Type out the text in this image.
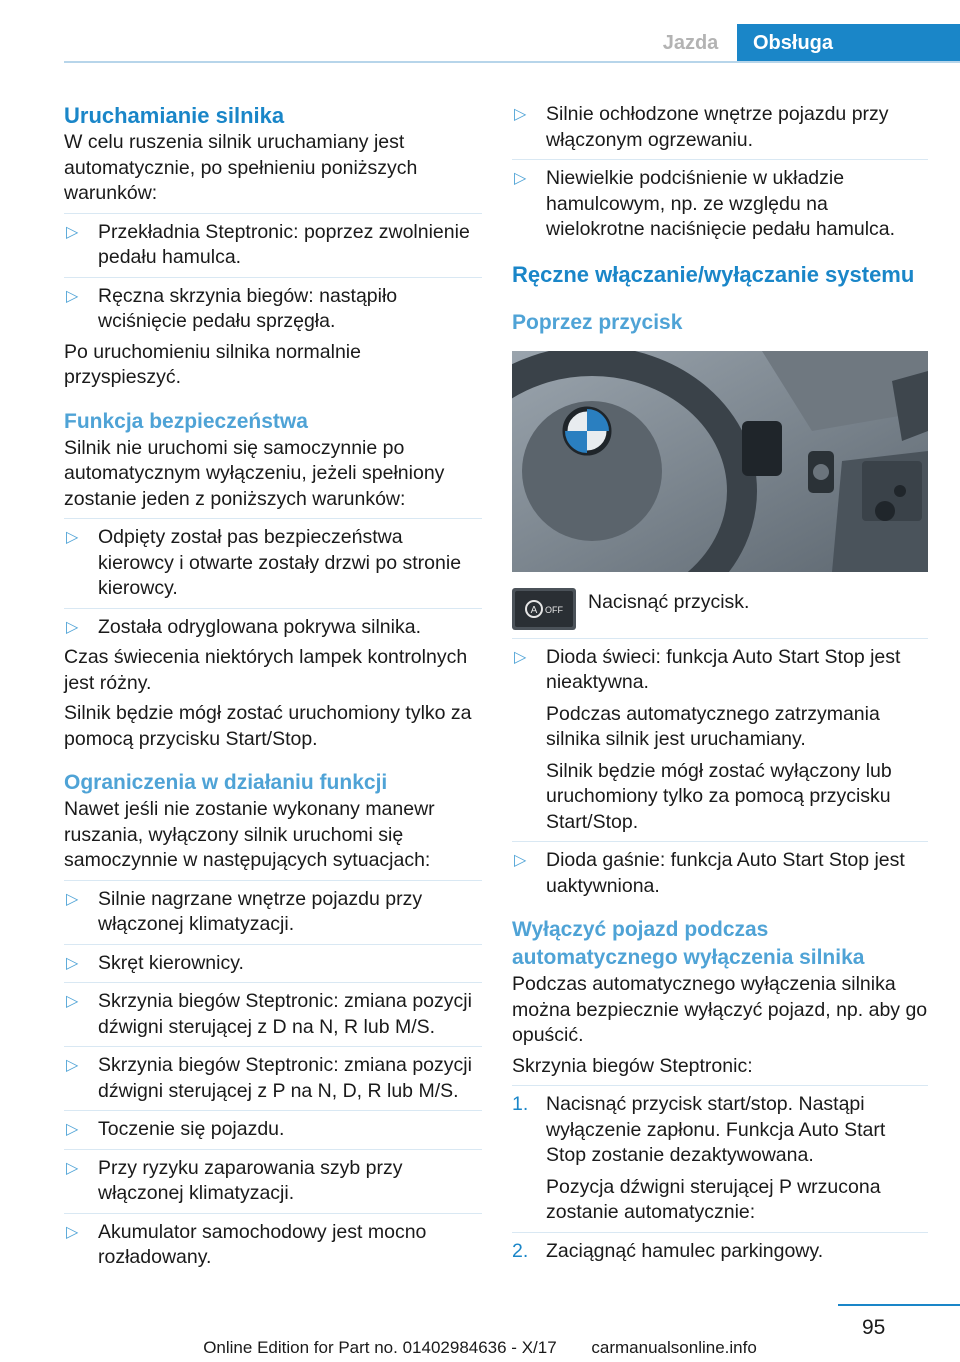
Jazda	Obsługa
Uruchamianie silnika

W celu ruszenia silnik uruchamiany jest automatycznie, po spełnieniu poniższych warunków:

▷ Przekładnia Steptronic: poprzez zwolnienie pedału hamulca.
▷ Ręczna skrzynia biegów: nastąpiło wciśnięcie pedału sprzęgła.

Po uruchomieniu silnika normalnie przyspieszyć.

Funkcja bezpieczeństwa

Silnik nie uruchomi się samoczynnie po automatycznym wyłączeniu, jeżeli spełniony zostanie jeden z poniższych warunków:

▷ Odpięty został pas bezpieczeństwa kierowcy i otwarte zostały drzwi po stronie kierowcy.
▷ Została odryglowana pokrywa silnika.

Czas świecenia niektórych lampek kontrolnych jest różny.

Silnik będzie mógł zostać uruchomiony tylko za pomocą przycisku Start/Stop.

Ograniczenia w działaniu funkcji

Nawet jeśli nie zostanie wykonany manewr ruszania, wyłączony silnik uruchomi się samoczynnie w następujących sytuacjach:

▷ Silnie nagrzane wnętrze pojazdu przy włączonej klimatyzacji.
▷ Skręt kierownicy.
▷ Skrzynia biegów Steptronic: zmiana pozycji dźwigni sterującej z D na N, R lub M/S.
▷ Skrzynia biegów Steptronic: zmiana pozycji dźwigni sterującej z P na N, D, R lub M/S.
▷ Toczenie się pojazdu.
▷ Przy ryzyku zaparowania szyb przy włączonej klimatyzacji.
▷ Akumulator samochodowy jest mocno rozładowany.
▷ Silnie ochłodzone wnętrze pojazdu przy włączonym ogrzewaniu.
▷ Niewielkie podciśnienie w układzie hamulcowym, np. ze względu na wielokrotne naciśnięcie pedału hamulca.
Ręczne włączanie/wyłączanie systemu
Poprzez przycisk
A OFF Nacisnąć przycisk.
▷ Dioda świeci: funkcja Auto Start Stop jest nieaktywna.
Podczas automatycznego zatrzymania silnika silnik jest uruchamiany.
Silnik będzie mógł zostać wyłączony lub uruchomiony tylko za pomocą przycisku Start/Stop.
▷ Dioda gaśnie: funkcja Auto Start Stop jest uaktywniona.
Wyłączyć pojazd podczas automatycznego wyłączenia silnika

Podczas automatycznego wyłączenia silnika można bezpiecznie wyłączyć pojazd, np. aby go opuścić.

Skrzynia biegów Steptronic:

1. Nacisnąć przycisk start/stop. Nastąpi wyłączenie zapłonu. Funkcja Auto Start Stop zostanie dezaktywowana.
Pozycja dźwigni sterującej P wrzucona zostanie automatycznie:
2. Zaciągnąć hamulec parkingowy.
95
Online Edition for Part no. 01402984636 - X/17 carmanualsonline.info
